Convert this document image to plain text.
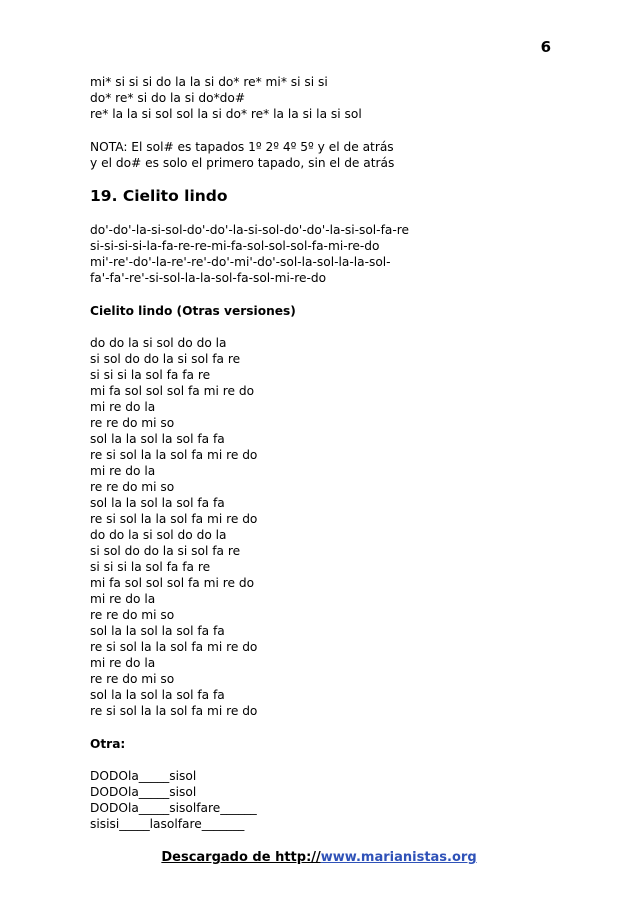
6
mi* si si si do la la si do* re* mi* si si si
do* re* si do la si do*do#
re* la la si sol sol la si do* re* la la si la si sol
NOTA: El sol# es tapados 1º 2º 4º 5º y el de atrás
y el do# es solo el primero tapado, sin el de atrás
19. Cielito lindo
do'-do'-la-si-sol-do'-do'-la-si-sol-do'-do'-la-si-sol-fa-re
si-si-si-si-la-fa-re-re-mi-fa-sol-sol-sol-fa-mi-re-do
mi'-re'-do'-la-re'-re'-do'-mi'-do'-sol-la-sol-la-la-sol-
fa'-fa'-re'-si-sol-la-la-sol-fa-sol-mi-re-do
Cielito lindo (Otras versiones)
do do la si sol do do la
si sol do do la si sol fa re
si si si la sol fa fa re
mi fa sol sol sol fa mi re do
mi re do la
re re do mi so
sol la la sol la sol fa fa
re si sol la la sol fa mi re do
mi re do la
re re do mi so
sol la la sol la sol fa fa
re si sol la la sol fa mi re do
do do la si sol do do la
si sol do do la si sol fa re
si si si la sol fa fa re
mi fa sol sol sol fa mi re do
mi re do la
re re do mi so
sol la la sol la sol fa fa
re si sol la la sol fa mi re do
mi re do la
re re do mi so
sol la la sol la sol fa fa
re si sol la la sol fa mi re do
Otra:
DODOla_____sisol
DODOla_____sisol
DODOla_____sisolfare______
sisisi_____lasolfare_______
Descargado de http://www.marianistas.org
